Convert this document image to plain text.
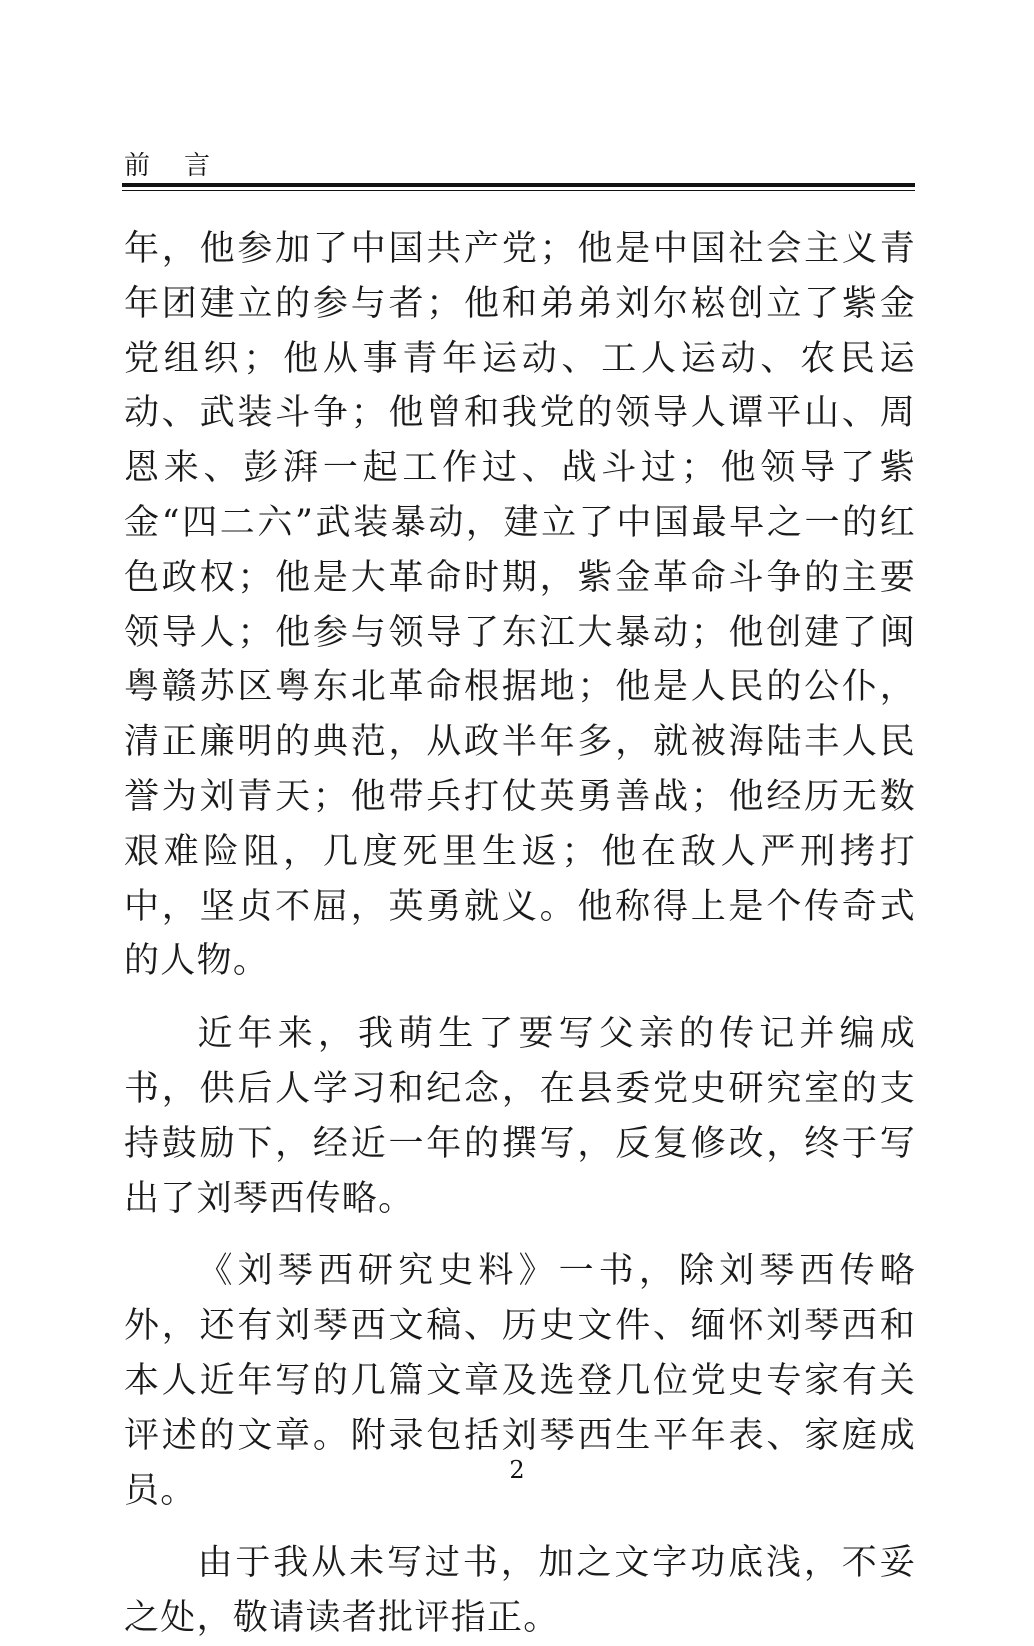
前言

年，他参加了中国共产党；他是中国社会主义青年团建立的参与者；他和弟弟刘尔崧创立了紫金党组织；他从事青年运动、工人运动、农民运动、武装斗争；他曾和我党的领导人谭平山、周恩来、彭湃一起工作过、战斗过；他领导了紫金“四二六”武装暴动，建立了中国最早之一的红色政权；他是大革命时期，紫金革命斗争的主要领导人；他参与领导了东江大暴动；他创建了闽粤赣苏区粤东北革命根据地；他是人民的公仆，清正廉明的典范，从政半年多，就被海陆丰人民誉为刘青天；他带兵打仗英勇善战；他经历无数艰难险阻，几度死里生返；他在敌人严刑拷打中，坚贞不屈，英勇就义。他称得上是个传奇式的人物。

近年来，我萌生了要写父亲的传记并编成书，供后人学习和纪念，在县委党史研究室的支持鼓励下，经近一年的撰写，反复修改，终于写出了刘琴西传略。

《刘琴西研究史料》一书，除刘琴西传略外，还有刘琴西文稿、历史文件、缅怀刘琴西和本人近年写的几篇文章及选登几位党史专家有关评述的文章。附录包括刘琴西生平年表、家庭成员。

由于我从未写过书，加之文字功底浅，不妥之处，敬请读者批评指正。

2
